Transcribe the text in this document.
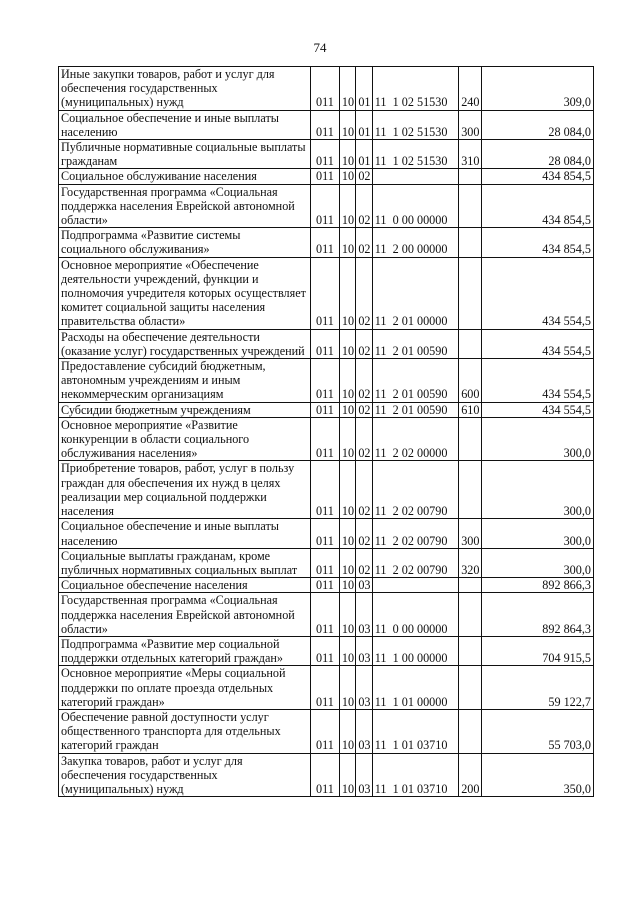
74
Иные закупки товаров, работ и услуг для обеспечения государственных (муниципальных) нужд	011	10	01	11  1 02 51530	240	309,0

Социальное обеспечение и иные выплаты населению	011	10	01	11  1 02 51530	300	28 084,0

Публичные нормативные социальные выплаты гражданам	011	10	01	11  1 02 51530	310	28 084,0

Социальное обслуживание населения	011	10	02			434 854,5

Государственная программа «Социальная поддержка населения Еврейской автономной области»	011	10	02	11  0 00 00000		434 854,5

Подпрограмма «Развитие системы социального обслуживания»	011	10	02	11  2 00 00000		434 854,5

Основное мероприятие «Обеспечение деятельности учреждений, функции и полномочия учредителя которых осуществляет комитет социальной защиты населения правительства области»	011	10	02	11  2 01 00000		434 554,5

Расходы на обеспечение деятельности (оказание услуг) государственных учреждений	011	10	02	11  2 01 00590		434 554,5

Предоставление субсидий бюджетным, автономным учреждениям и иным некоммерческим организациям	011	10	02	11  2 01 00590	600	434 554,5

Субсидии бюджетным учреждениям	011	10	02	11  2 01 00590	610	434 554,5

Основное мероприятие «Развитие конкуренции в области социального обслуживания населения»	011	10	02	11  2 02 00000		300,0

Приобретение товаров, работ, услуг в пользу граждан для обеспечения их нужд в целях реализации мер социальной поддержки населения	011	10	02	11  2 02 00790		300,0

Социальное обеспечение и иные выплаты населению	011	10	02	11  2 02 00790	300	300,0

Социальные выплаты гражданам, кроме публичных нормативных социальных выплат	011	10	02	11  2 02 00790	320	300,0

Социальное обеспечение населения	011	10	03			892 866,3

Государственная программа «Социальная поддержка населения Еврейской автономной области»	011	10	03	11  0 00 00000		892 864,3

Подпрограмма «Развитие мер социальной поддержки отдельных категорий граждан»	011	10	03	11  1 00 00000		704 915,5

Основное мероприятие «Меры социальной поддержки по оплате проезда отдельных категорий граждан»	011	10	03	11  1 01 00000		59 122,7

Обеспечение равной доступности услуг общественного транспорта для отдельных категорий граждан	011	10	03	11  1 01 03710		55 703,0

Закупка товаров, работ и услуг для обеспечения государственных (муниципальных) нужд	011	10	03	11  1 01 03710	200	350,0
